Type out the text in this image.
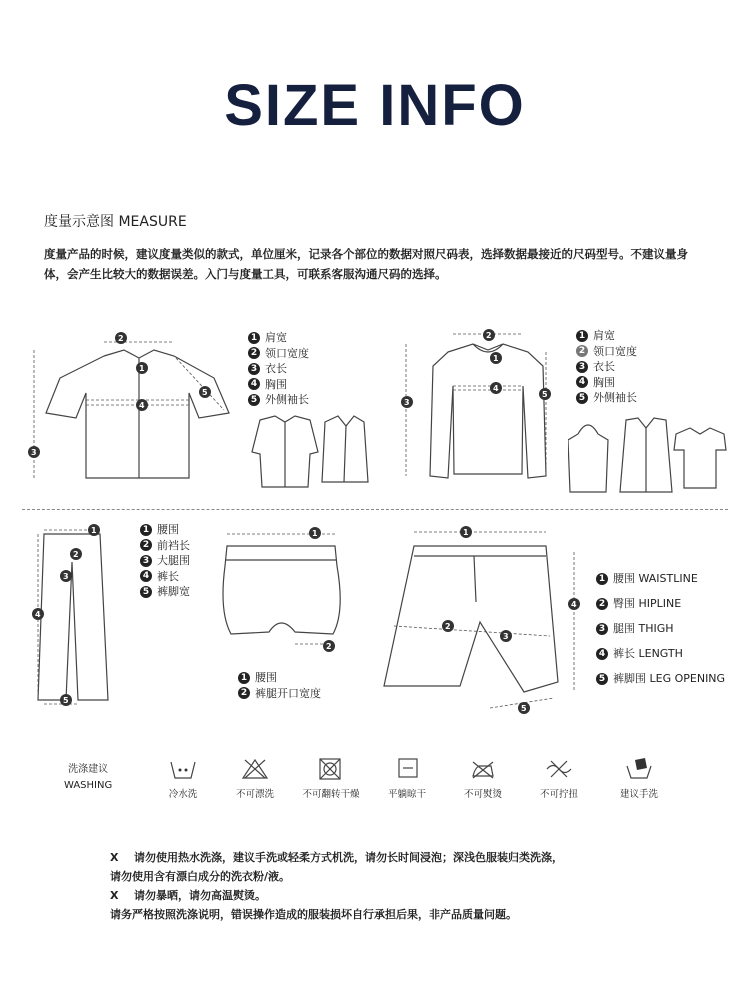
SIZE INFO
度量示意图 MEASURE
度量产品的时候，建议度量类似的款式，单位厘米，记录各个部位的数据对照尺码表，选择数据最接近的尺码型号。不建议量身体，会产生比较大的数据误差。入门与度量工具，可联系客服沟通尺码的选择。
2
1
4
3
5
1 肩宽
2 领口宽度
3 衣长
4 胸围
5 外侧袖长
2
1
4
3
5
1 肩宽
2 领口宽度
3 衣长
4 胸围
5 外侧袖长
1
2
3
4
5
1 腰围
2 前裆长
3 大腿围
4 裤长
5 裤脚宽
1
2
1 腰围
2 裤腿开口宽度
1
2
3
4
5
1 腰围 WAISTLINE
2 臀围 HIPLINE
3 腿围 THIGH
4 裤长 LENGTH
5 裤脚围 LEG OPENING
洗涤建议
WASHING
冷水洗	不可漂洗	不可翻转干燥	平躺晾干	不可熨烫	不可拧扭	建议手洗
X 请勿使用热水洗涤，建议手洗或轻柔方式机洗，请勿长时间浸泡；深浅色服装归类洗涤，
请勿使用含有漂白成分的洗衣粉/液。
X 请勿暴晒，请勿高温熨烫。
请务严格按照洗涤说明，错误操作造成的服装损坏自行承担后果，非产品质量问题。
